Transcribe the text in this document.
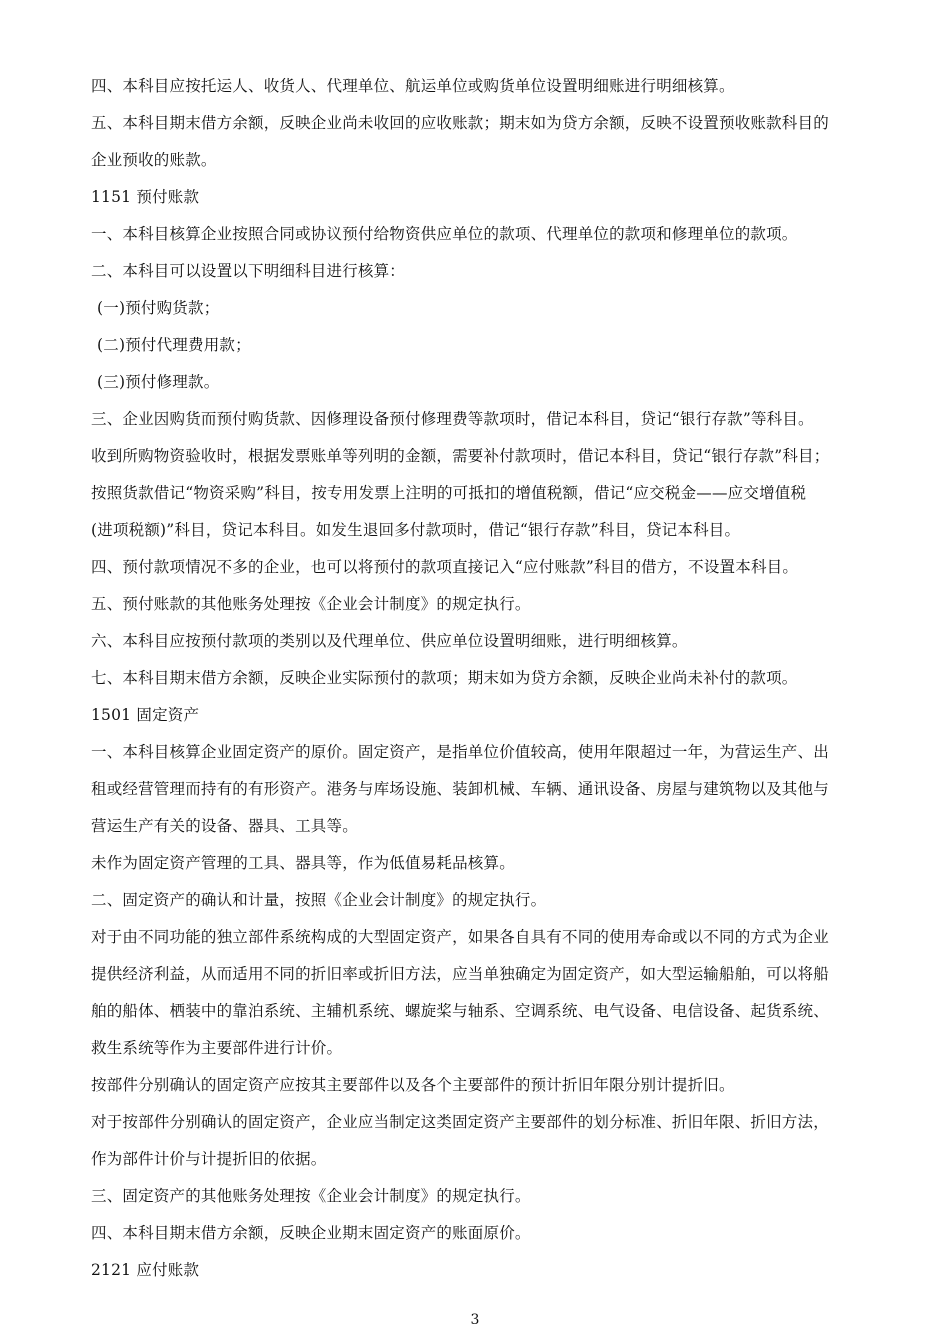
四、本科目应按托运人、收货人、代理单位、航运单位或购货单位设置明细账进行明细核算。
五、本科目期末借方余额，反映企业尚未收回的应收账款；期末如为贷方余额，反映不设置预收账款科目的
企业预收的账款。
1151 预付账款
一、本科目核算企业按照合同或协议预付给物资供应单位的款项、代理单位的款项和修理单位的款项。
二、本科目可以设置以下明细科目进行核算：
(一)预付购货款；
(二)预付代理费用款；
(三)预付修理款。
三、企业因购货而预付购货款、因修理设备预付修理费等款项时，借记本科目，贷记“银行存款”等科目。
收到所购物资验收时，根据发票账单等列明的金额，需要补付款项时，借记本科目，贷记“银行存款”科目；
按照货款借记“物资采购”科目，按专用发票上注明的可抵扣的增值税额，借记“应交税金——应交增值税
(进项税额)”科目，贷记本科目。如发生退回多付款项时，借记“银行存款”科目，贷记本科目。
四、预付款项情况不多的企业，也可以将预付的款项直接记入“应付账款”科目的借方，不设置本科目。
五、预付账款的其他账务处理按《企业会计制度》的规定执行。
六、本科目应按预付款项的类别以及代理单位、供应单位设置明细账，进行明细核算。
七、本科目期末借方余额，反映企业实际预付的款项；期末如为贷方余额，反映企业尚未补付的款项。
1501 固定资产
一、本科目核算企业固定资产的原价。固定资产，是指单位价值较高，使用年限超过一年，为营运生产、出
租或经营管理而持有的有形资产。港务与库场设施、装卸机械、车辆、通讯设备、房屋与建筑物以及其他与
营运生产有关的设备、器具、工具等。
未作为固定资产管理的工具、器具等，作为低值易耗品核算。
二、固定资产的确认和计量，按照《企业会计制度》的规定执行。
对于由不同功能的独立部件系统构成的大型固定资产，如果各自具有不同的使用寿命或以不同的方式为企业
提供经济利益，从而适用不同的折旧率或折旧方法，应当单独确定为固定资产，如大型运输船舶，可以将船
舶的船体、栖装中的靠泊系统、主辅机系统、螺旋桨与轴系、空调系统、电气设备、电信设备、起货系统、
救生系统等作为主要部件进行计价。
按部件分别确认的固定资产应按其主要部件以及各个主要部件的预计折旧年限分别计提折旧。
对于按部件分别确认的固定资产，企业应当制定这类固定资产主要部件的划分标准、折旧年限、折旧方法，
作为部件计价与计提折旧的依据。
三、固定资产的其他账务处理按《企业会计制度》的规定执行。
四、本科目期末借方余额，反映企业期末固定资产的账面原价。
2121 应付账款
3
